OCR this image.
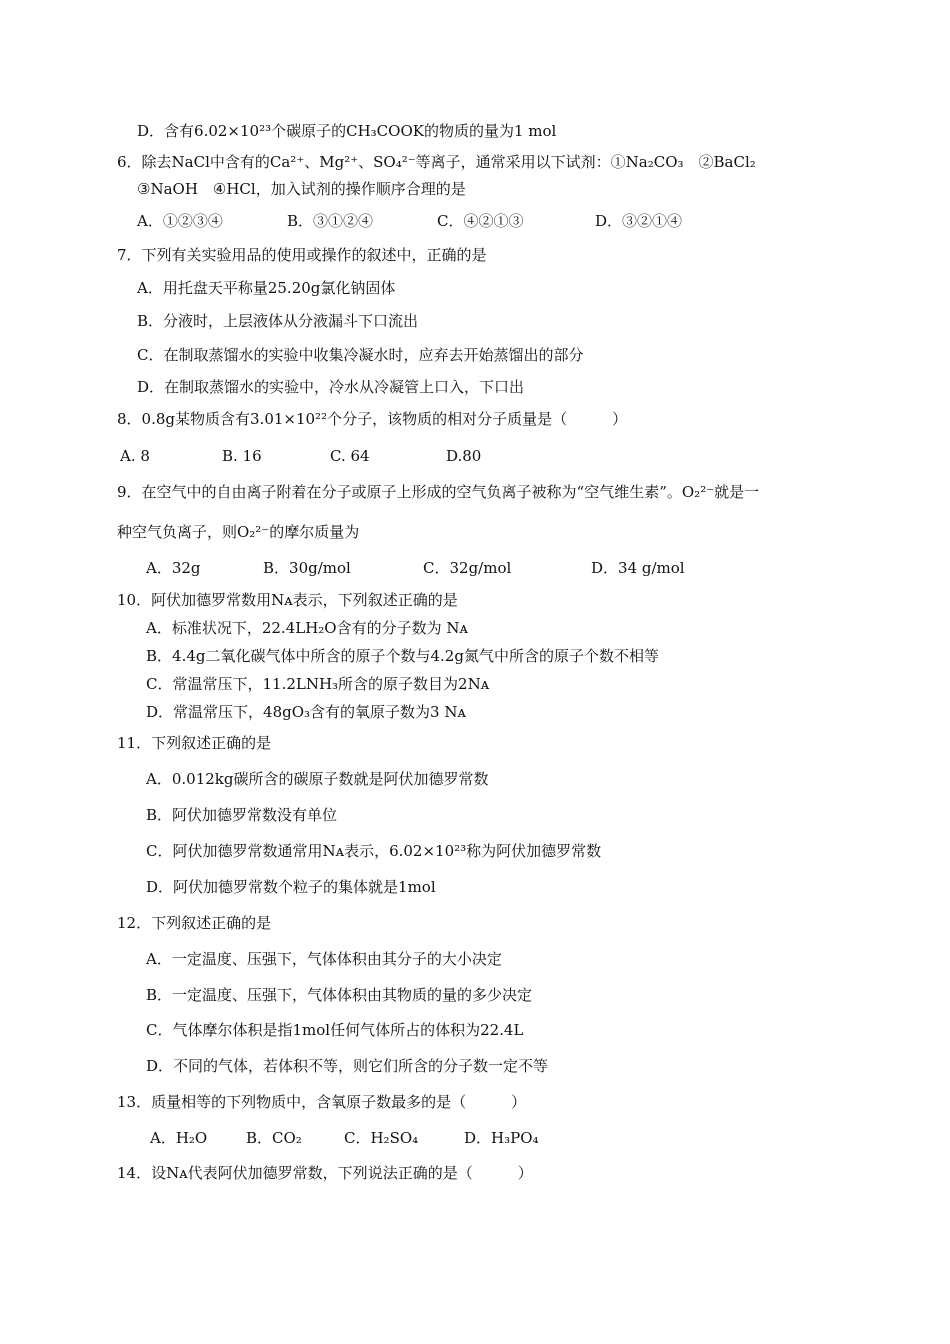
D．含有6.02×10²³个碳原子的CH₃COOK的物质的量为1 mol
6．除去NaCl中含有的Ca²⁺、Mg²⁺、SO₄²⁻等离子，通常采用以下试剂：①Na₂CO₃　②BaCl₂
③NaOH　④HCl，加入试剂的操作顺序合理的是
A．①②③④	B．③①②④	C．④②①③	D．③②①④
7．下列有关实验用品的使用或操作的叙述中，正确的是
A．用托盘天平称量25.20g氯化钠固体
B．分液时，上层液体从分液漏斗下口流出
C．在制取蒸馏水的实验中收集冷凝水时，应弃去开始蒸馏出的部分
D．在制取蒸馏水的实验中，冷水从冷凝管上口入，下口出
8．0.8g某物质含有3.01×10²²个分子，该物质的相对分子质量是（　　　）
A. 8	B. 16	C. 64	D.80
9．在空气中的自由离子附着在分子或原子上形成的空气负离子被称为“空气维生素”。O₂²⁻就是一
种空气负离子，则O₂²⁻的摩尔质量为
A．32g	B．30g/mol	C．32g/mol	D．34 g/mol
10．阿伏加德罗常数用Nᴀ表示，下列叙述正确的是
A．标准状况下，22.4LH₂O含有的分子数为 Nᴀ
B．4.4g二氧化碳气体中所含的原子个数与4.2g氮气中所含的原子个数不相等
C．常温常压下，11.2LNH₃所含的原子数目为2Nᴀ
D．常温常压下，48gO₃含有的氧原子数为3 Nᴀ
11．下列叙述正确的是
A．0.012kg碳所含的碳原子数就是阿伏加德罗常数
B．阿伏加德罗常数没有单位
C．阿伏加德罗常数通常用Nᴀ表示，6.02×10²³称为阿伏加德罗常数
D．阿伏加德罗常数个粒子的集体就是1mol
12．下列叙述正确的是
A．一定温度、压强下，气体体积由其分子的大小决定
B．一定温度、压强下，气体体积由其物质的量的多少决定
C．气体摩尔体积是指1mol任何气体所占的体积为22.4L
D．不同的气体，若体积不等，则它们所含的分子数一定不等
13．质量相等的下列物质中，含氧原子数最多的是（　　　）
A．H₂O	B．CO₂	C．H₂SO₄	D．H₃PO₄
14．设Nᴀ代表阿伏加德罗常数，下列说法正确的是（　　　）
